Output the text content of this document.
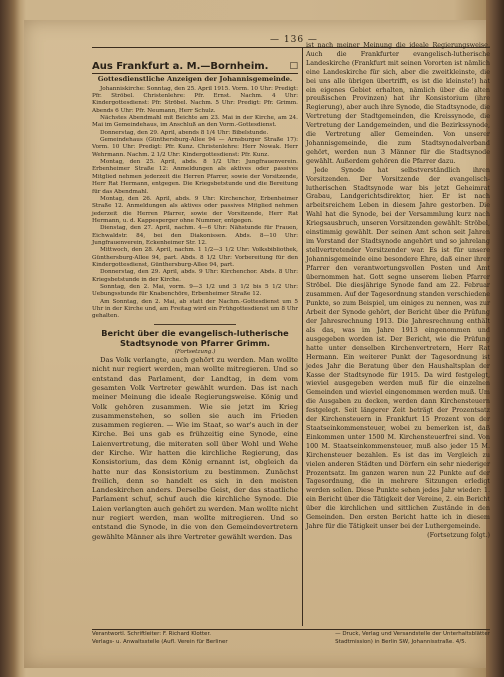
— 136 —
Aus Frankfurt a. M.—Bornheim. □
Gottesdienstliche Anzeigen der Johannisgemeinde.

Johanniskirche: Sonntag, den 25. April 1915. Vorm. 10 Uhr: Predigt: Pfr. Ströbel. Christenlehre: Pfr. Ernst. Nachm. 4 Uhr: Kindergottesdienst: Pfr. Ströbel. Nachm. 5 Uhr: Predigt: Pfr. Grimm. Abends 6 Uhr: Pfr. Neumann, Herr Schulz.

Nächstes Abendmahl mit Beichte am 23. Mai in der Kirche, am 24. Mai im Gemeindehaus, im Anschluß an den Vorm.-Gottesdienst.

Donnerstag, den 29. April, abends 8 1/4 Uhr: Bibelstunde.

Gemeindehaus (Günthersburg-Allee 94 — Arnsburger Straße 17): Vorm. 10 Uhr: Predigt: Pfr. Kunz. Christenlehre: Herr Nowak. Herr Wehrmann. Nachm. 2 1/2 Uhr: Kindergottesdienst: Pfr. Kunz.

Montag, den 25. April, abds. 8 1/2 Uhr: Jungfrauenverein. Erbenheimer Straße 12: Anmeldungen als aktives oder passives Mitglied nehmen jederzeit die Herren Pfarrer, sowie der Vorsitzende, Herr Rat Hermann, entgegen. Die Kriegsbetstunde und die Bereitung für das Abendmahl.

Montag, den 26. April, abds. 9 Uhr: Kirchenchor, Erbenheimer Straße 12. Anmeldungen als aktives oder passives Mitglied nehmen jederzeit die Herren Pfarrer, sowie der Vorsitzende, Herr Rat Hermann, u. d. Kappesperger ohne Nummer, entgegen.

Dienstag, den 27. April, nachm. 4—6 Uhr: Nähstunde für Frauen, Eichwaldstr. 84, bei den Diakonissen. Abds. 8—10 Uhr: Jungfrauenverein, Eckenheimer Str. 12.

Mittwoch, den 28. April, nachm. 1 1/2—3 1/2 Uhr: Volksbibliothek, Günthersburg-Allee 94, part. Abds. 8 1/2 Uhr: Vorbereitung für den Kindergottesdienst, Günthersburg-Allee 94, part.

Donnerstag, den 29. April, abds. 9 Uhr: Kirchenchor. Abds. 8 Uhr: Kriegsbetstunde in der Kirche.

Sonntag, den 2. Mai, vorm. 9—3 1/2 und 3 1/2 bis 5 1/2 Uhr: Uebungsstunde für Knabenchöre, Erbenheimer Straße 12.

Am Sonntag, den 2. Mai, ab statt der Nachm.-Gottesdienst um 5 Uhr in der Kirche und, am Freitag wird ein Frühgottesdienst um 8 Uhr gehalten.

Bericht über die evangelisch-lutherische Stadtsynode von Pfarrer Grimm.
(Fortsetzung.)

Das Volk verlangte, auch gehört zu werden. Man wollte nicht nur regiert werden, man wollte mitregieren. Und so entstand das Parlament, der Landtag, in dem vom gesamten Volk Vertreter gewählt wurden. Das ist nach meiner Meinung die ideale Regierungsweise. König und Volk gehören zusammen. Wie sie jetzt im Krieg zusammenstehen, so sollen sie auch im Frieden zusammen regieren. — Wie im Staat, so war's auch in der Kirche. Bei uns gab es frühzeitig eine Synode, eine Laienvertretung, die miteraten soll über Wohl und Wehe der Kirche. Wir hatten die kirchliche Regierung, das Konsistorium, das dem König ernannt ist, obgleich da hatte nur das Konsistorium zu bestimmen. Zunächst freilich, denn so handelt es sich in den meisten Landeskirchen anders. Derselbe Geist, der das staatliche Parlament schuf, schuf auch die kirchliche Synode. Die Laien verlangten auch gehört zu werden. Man wollte nicht nur regiert werden, man wollte mitregieren. Und so entstand die Synode, in die von den Gemeindevertretern gewählte Männer als ihre Vertreter gewählt werden. Das

ist nach meiner Meinung die ideale Regierungsweise. Auch die Frankfurter evangelisch-lutherische Landeskirche (Frankfurt mit seinen Vororten ist nämlich eine Landeskirche für sich, aber die zweitkleinste, die bei uns alle übrigen übertrifft, es ist die kleinste!) hat ein eigenes Gebiet erhalten, nämlich über die alten preußischen Provinzen) hat ihr Konsistorium (ihre Regierung), aber auch ihre Synode, die Stadtsynode, die Vertretung der Stadtgemeinden, die Kreissynode, die Vertretung der Landgemeinden, und die Bezirkssynode, die Vertretung aller Gemeinden. Von unserer Johannisgemeinde, die zum Stadtsynodalverband gehört, werden nun 3 Männer für die Stadtsynode gewählt. Außerdem gehören die Pfarrer dazu.

Jede Synode hat selbstverständlich ihren Vorsitzenden. Der Vorsitzende der evangelisch-lutherischen Stadtsynode war bis jetzt Geheimrat Grabau, Landgerichtsdirektor, hier. Er ist nach arbeitsreichem Leben in diesem Jahre gestorben. Die Wahl hat die Synode, bei der Versammlung kurz nach Kriegsausbruch, unseren Vorsitzenden gewählt: Ströbel, einstimmig gewählt. Der seinen Amt schon seit Jahren im Vorstand der Stadtsynode angehört und so jahrelang stellvertretender Vorsitzender war. Es ist für unsere Johannisgemeinde eine besondere Ehre, daß einer ihrer Pfarrer den verantwortungsvollen Posten und Amt übernommen hat. Gott segne unserem lieben Pfarrer Ströbel. Die diesjährige Synode fand am 22. Februar zusammen. Auf der Tagesordnung standen verschiedene Punkte, so zum Beispiel, um einiges zu nennen, was zur Arbeit der Synode gehört, der Bericht über die Prüfung der Jahresrechnung 1913. Die Jahresrechnung enthält als das, was im Jahre 1913 eingenommen und ausgegeben worden ist. Der Bericht, wie die Prüfung hatte unter denselben Kirchenvertretern, Herr Rat Hermann. Ein weiterer Punkt der Tagesordnung ist jedes Jahr die Beratung über den Haushaltsplan der Kasse der Stadtsynode für 1915. Da wird festgelegt, wieviel ausgegeben werden muß für die einzelnen Gemeinden und wieviel eingenommen werden muß. Um die Ausgaben zu decken, werden dann Kirchensteuern festgelegt. Seit längerer Zeit beträgt der Prozentsatz der Kirchensteuern in Frankfurt 15 Prozent von der Staatseinkommensteuer, wobei zu bemerken ist, daß Einkommen unter 1500 M. Kirchensteuerfrei sind. Von 100 M. Staatseinkommensteuer, muß also jeder 15 M. Kirchensteuer bezahlen. Es ist das im Vergleich zu vielen anderen Städten und Dörfern ein sehr niederiger Prozentsatz. Im ganzen waren nun 22 Punkte auf der Tagesordnung, die in mehrere Sitzungen erledigt werden sollen. Diese Punkte sehen jedes Jahr wieder: 1. ein Bericht über die Tätigkeit der Vereine, 2. ein Bericht über die kirchlichen und sittlichen Zustände in den Gemeinden. Den ersten Bericht hatte ich in diesem Jahre für die Tätigkeit unser bei der Luthergemeinde.

(Fortsetzung folgt.)
Verantwortl. Schriftleiter: F. Richard Klotter.
Verlags- u. Anwaltsstelle (Aufl. Verein für Berliner
— Druck, Verlag und Versandstelle der Unterhaltsblätter
Stadtmission) in Berlin SW, Johannisstraße. 4/5.
